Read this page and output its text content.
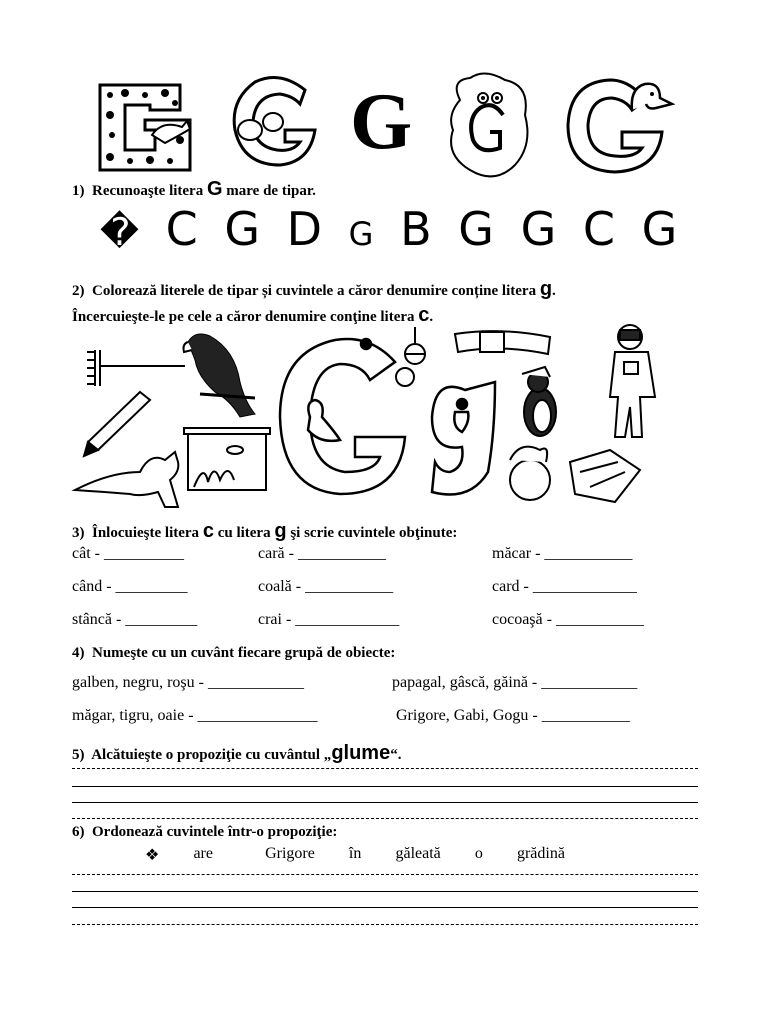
G
1) Recunoaşte litera G mare de tipar.
� C G D G B G G C G
2) Colorează literele de tipar și cuvintele a căror denumire conține litera g.
Încercuieşte-le pe cele a căror denumire conţine litera c.
3) Înlocuieşte litera c cu litera g şi scrie cuvintele obţinute:
cât - __________	cară - ___________	măcar - ___________
când - _________	coală - ___________	card - _____________
stâncă - _________	crai - _____________	cocoaşă - ___________
4) Numeşte cu un cuvânt fiecare grupă de obiecte:
galben, negru, roşu - ____________	papagal, gâscă, găină - ____________
măgar, tigru, oaie - _______________	Grigore, Gabi, Gogu - ___________
5) Alcătuieşte o propoziţie cu cuvântul „glume“.
6) Ordonează cuvintele într-o propoziţie:
❖ are	Grigore în găleată o grădină
